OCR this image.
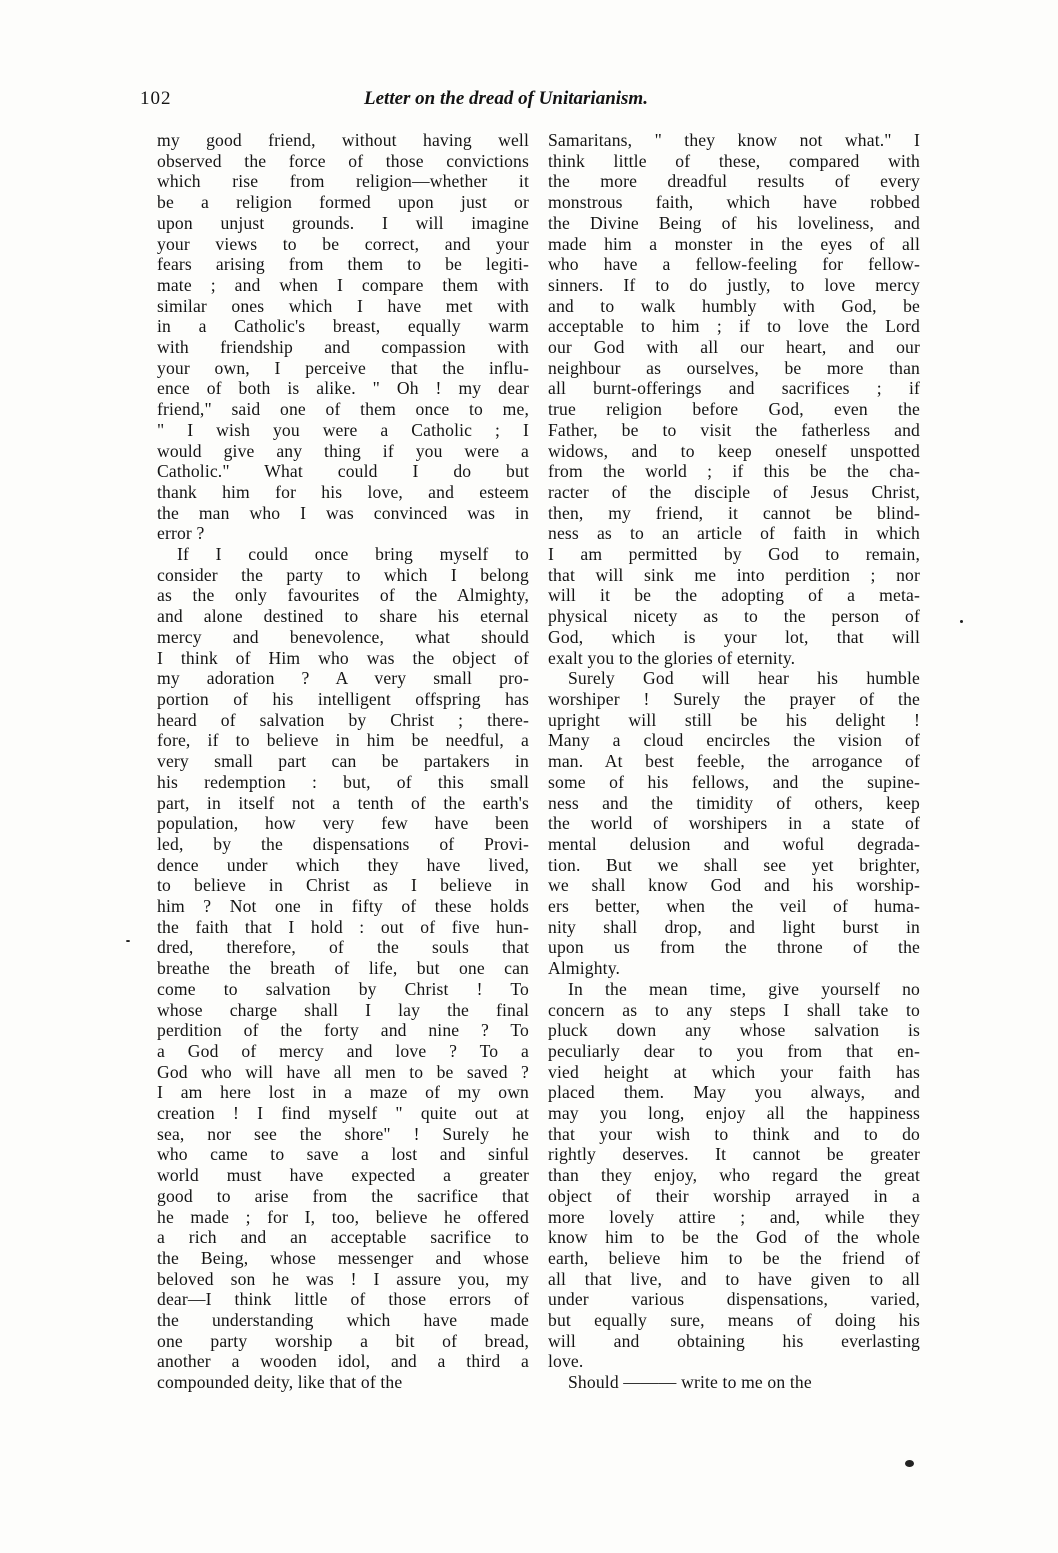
102	Letter on the dread of Unitarianism.
my good friend, without having well
observed the force of those convictions
which rise from religion—whether it
be a religion formed upon just or
upon unjust grounds. I will imagine
your views to be correct, and your
fears arising from them to be legiti-
mate ; and when I compare them with
similar ones which I have met with
in a Catholic's breast, equally warm
with friendship and compassion with
your own, I perceive that the influ-
ence of both is alike. " Oh ! my dear
friend," said one of them once to me,
" I wish you were a Catholic ; I
would give any thing if you were a
Catholic." What could I do but
thank him for his love, and esteem
the man who I was convinced was in
error ?
If I could once bring myself to
consider the party to which I belong
as the only favourites of the Almighty,
and alone destined to share his eternal
mercy and benevolence, what should
I think of Him who was the object of
my adoration ? A very small pro-
portion of his intelligent offspring has
heard of salvation by Christ ; there-
fore, if to believe in him be needful, a
very small part can be partakers in
his redemption : but, of this small
part, in itself not a tenth of the earth's
population, how very few have been
led, by the dispensations of Provi-
dence under which they have lived,
to believe in Christ as I believe in
him ? Not one in fifty of these holds
the faith that I hold : out of five hun-
dred, therefore, of the souls that
breathe the breath of life, but one can
come to salvation by Christ ! To
whose charge shall I lay the final
perdition of the forty and nine ? To
a God of mercy and love ? To a
God who will have all men to be saved ?
I am here lost in a maze of my own
creation ! I find myself " quite out at
sea, nor see the shore" ! Surely he
who came to save a lost and sinful
world must have expected a greater
good to arise from the sacrifice that
he made ; for I, too, believe he offered
a rich and an acceptable sacrifice to
the Being, whose messenger and whose
beloved son he was ! I assure you, my
dear—I think little of those errors of
the understanding which have made
one party worship a bit of bread,
another a wooden idol, and a third a
compounded deity, like that of the
Samaritans, " they know not what." I
think little of these, compared with
the more dreadful results of every
monstrous faith, which have robbed
the Divine Being of his loveliness, and
made him a monster in the eyes of all
who have a fellow-feeling for fellow-
sinners. If to do justly, to love mercy
and to walk humbly with God, be
acceptable to him ; if to love the Lord
our God with all our heart, and our
neighbour as ourselves, be more than
all burnt-offerings and sacrifices ; if
true religion before God, even the
Father, be to visit the fatherless and
widows, and to keep oneself unspotted
from the world ; if this be the cha-
racter of the disciple of Jesus Christ,
then, my friend, it cannot be blind-
ness as to an article of faith in which
I am permitted by God to remain,
that will sink me into perdition ; nor
will it be the adopting of a meta-
physical nicety as to the person of
God, which is your lot, that will
exalt you to the glories of eternity.
Surely God will hear his humble
worshiper ! Surely the prayer of the
upright will still be his delight !
Many a cloud encircles the vision of
man. At best feeble, the arrogance of
some of his fellows, and the supine-
ness and the timidity of others, keep
the world of worshipers in a state of
mental delusion and woful degrada-
tion. But we shall see yet brighter,
we shall know God and his worship-
ers better, when the veil of huma-
nity shall drop, and light burst in
upon us from the throne of the
Almighty.
In the mean time, give yourself no
concern as to any steps I shall take to
pluck down any whose salvation is
peculiarly dear to you from that en-
vied height at which your faith has
placed them. May you always, and
may you long, enjoy all the happiness
that your wish to think and to do
rightly deserves. It cannot be greater
than they enjoy, who regard the great
object of their worship arrayed in a
more lovely attire ; and, while they
know him to be the God of the whole
earth, believe him to be the friend of
all that live, and to have given to all
under various dispensations, varied,
but equally sure, means of doing his
will and obtaining his everlasting
love.
Should ——— write to me on the
